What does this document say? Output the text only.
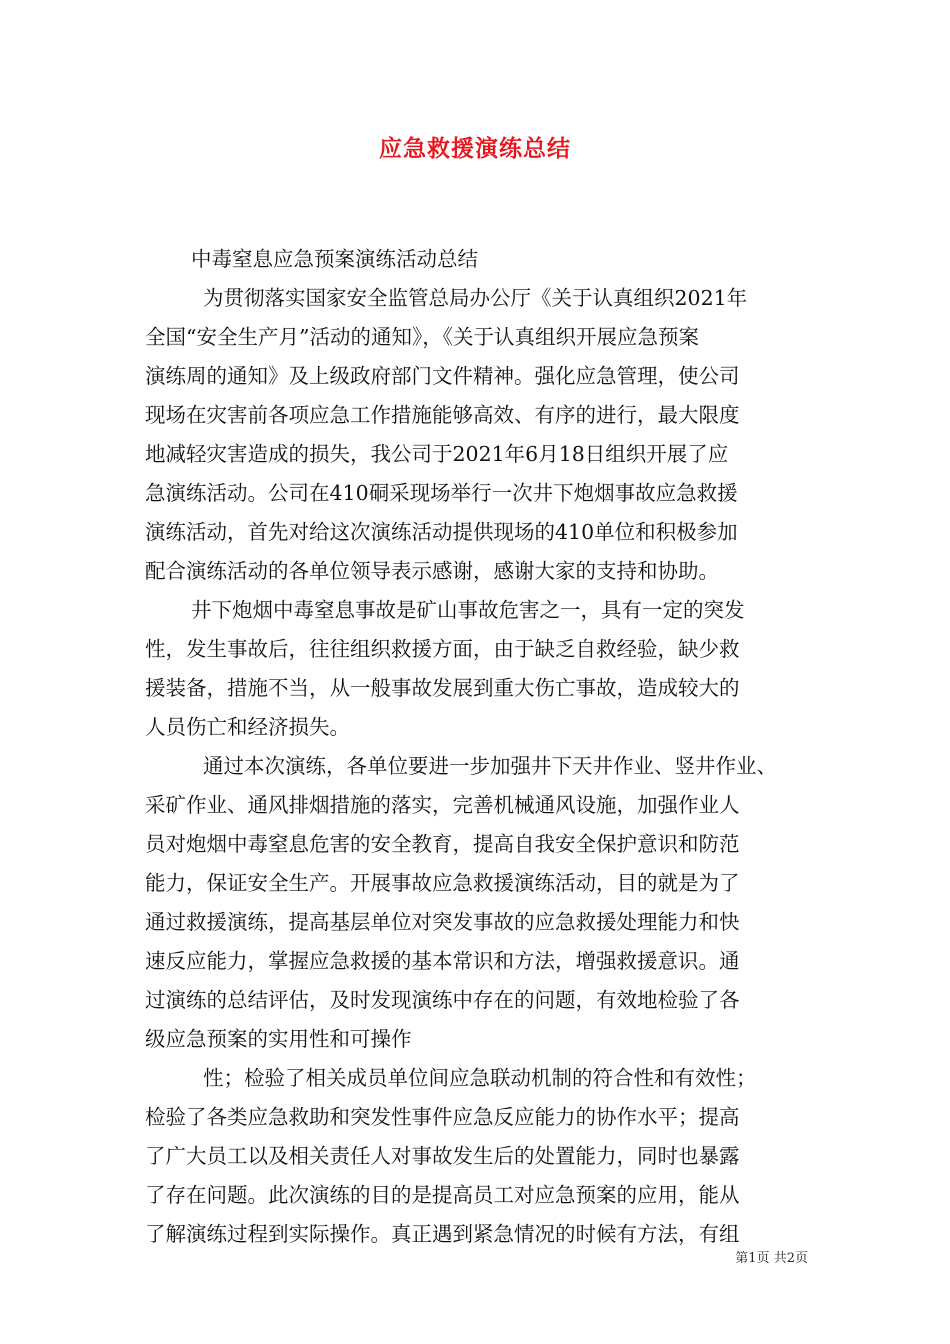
应急救援演练总结
中毒窒息应急预案演练活动总结
为贯彻落实国家安全监管总局办公厅《关于认真组织2021年
全国“安全生产月”活动的通知》，《关于认真组织开展应急预案
演练周的通知》及上级政府部门文件精神。强化应急管理，使公司
现场在灾害前各项应急工作措施能够高效、有序的进行，最大限度
地减轻灾害造成的损失，我公司于2021年6月18日组织开展了应
急演练活动。公司在410硐采现场举行一次井下炮烟事故应急救援
演练活动，首先对给这次演练活动提供现场的410单位和积极参加
配合演练活动的各单位领导表示感谢，感谢大家的支持和协助。
井下炮烟中毒窒息事故是矿山事故危害之一，具有一定的突发
性，发生事故后，往往组织救援方面，由于缺乏自救经验，缺少救
援装备，措施不当，从一般事故发展到重大伤亡事故，造成较大的
人员伤亡和经济损失。
通过本次演练，各单位要进一步加强井下天井作业、竖井作业、
采矿作业、通风排烟措施的落实，完善机械通风设施，加强作业人
员对炮烟中毒窒息危害的安全教育，提高自我安全保护意识和防范
能力，保证安全生产。开展事故应急救援演练活动，目的就是为了
通过救援演练，提高基层单位对突发事故的应急救援处理能力和快
速反应能力，掌握应急救援的基本常识和方法，增强救援意识。通
过演练的总结评估，及时发现演练中存在的问题，有效地检验了各
级应急预案的实用性和可操作
性；检验了相关成员单位间应急联动机制的符合性和有效性；
检验了各类应急救助和突发性事件应急反应能力的协作水平；提高
了广大员工以及相关责任人对事故发生后的处置能力，同时也暴露
了存在问题。此次演练的目的是提高员工对应急预案的应用，能从
了解演练过程到实际操作。真正遇到紧急情况的时候有方法，有组
第1页 共2页
